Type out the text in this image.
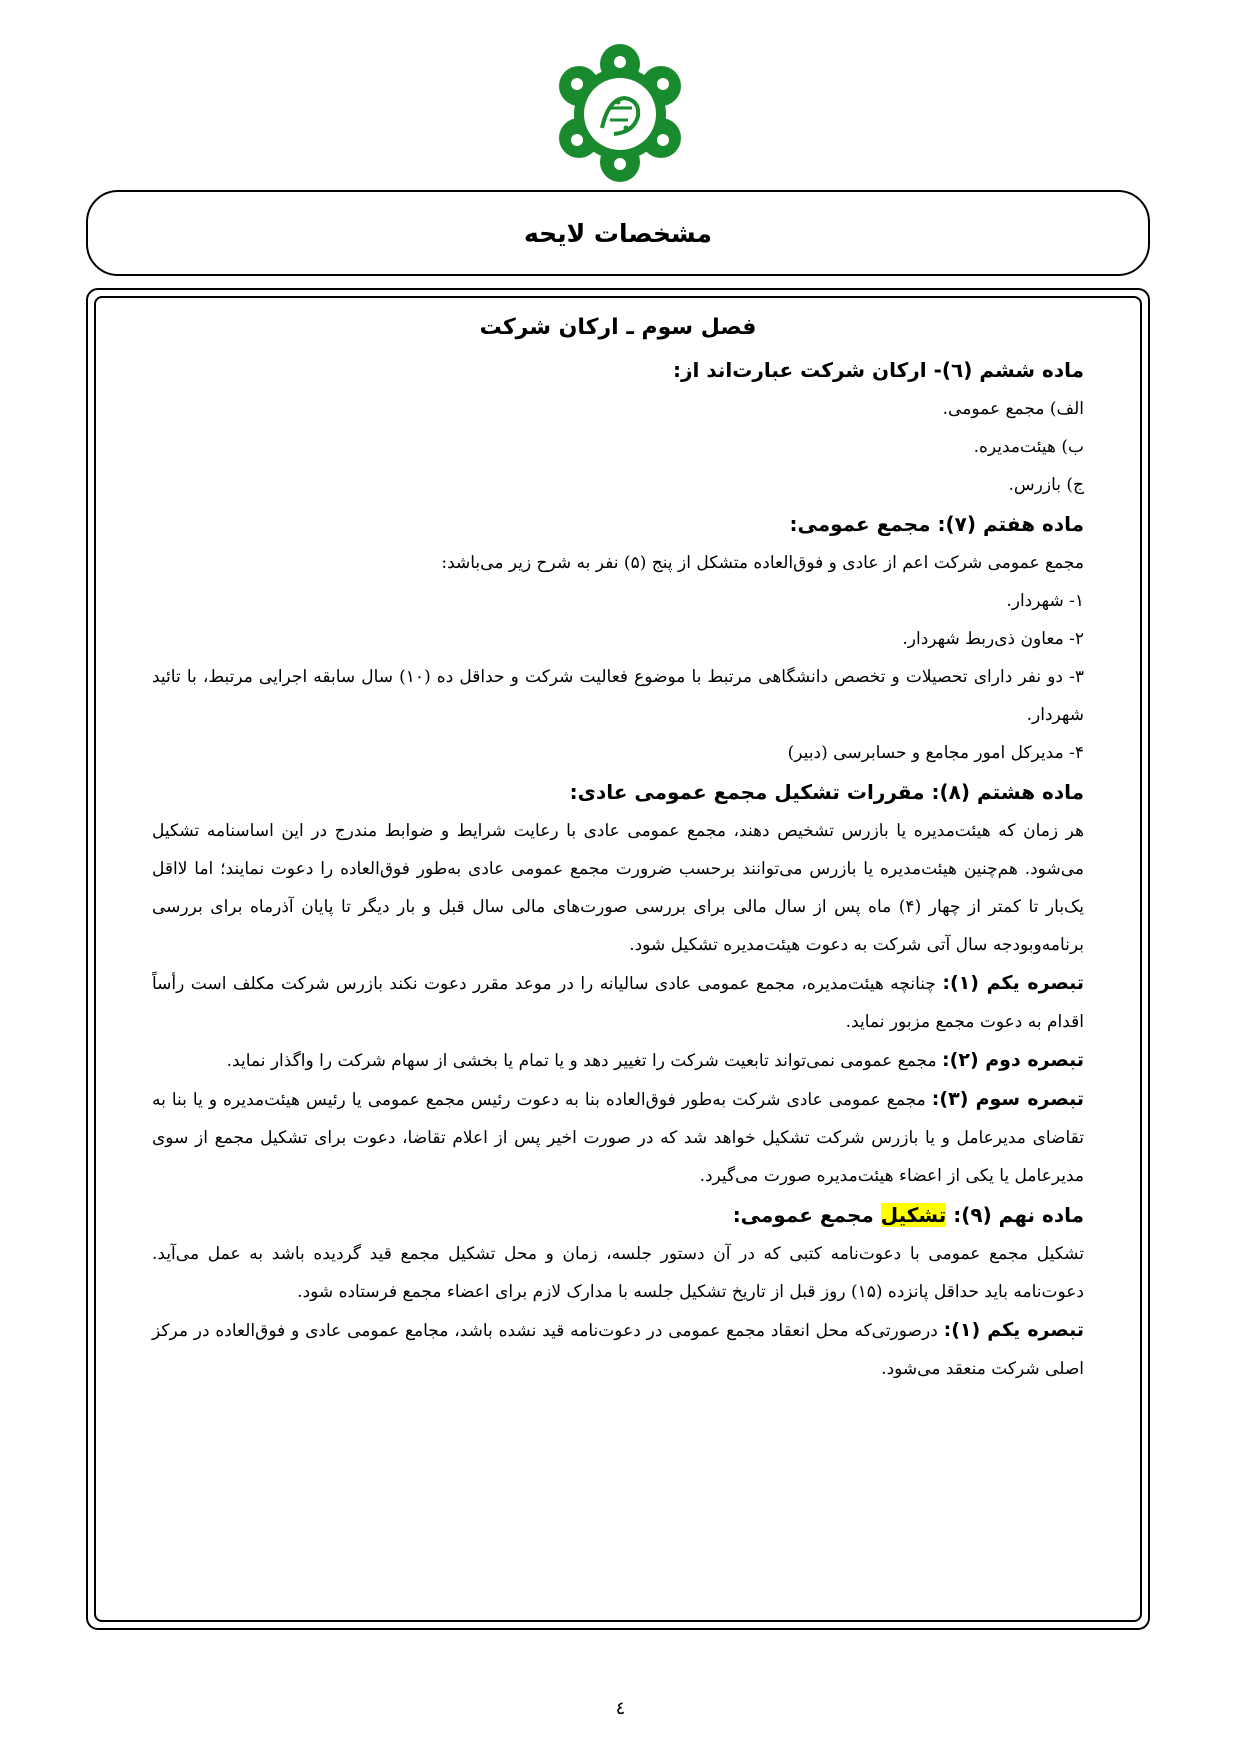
مشخصات لایحه
فصل سوم ـ ارکان شرکت
ماده ششم (٦)- ارکان شرکت عبارت‌اند از:

الف) مجمع عمومی.

ب) هیئت‌مدیره.

ج) بازرس.

ماده هفتم (۷): مجمع عمومی:

مجمع عمومی شرکت اعم از عادی و فوق‌العاده متشکل از پنج (۵) نفر به شرح زیر می‌باشد:

۱- شهردار.

۲- معاون ذی‌ربط شهردار.

۳- دو نفر دارای تحصیلات و تخصص دانشگاهی مرتبط با موضوع فعالیت شرکت و حداقل ده (۱۰) سال سابقه اجرایی مرتبط، با تائید شهردار.

۴- مدیرکل امور مجامع و حسابرسی (دبیر)

ماده هشتم (۸): مقررات تشکیل مجمع عمومی عادی:

هر زمان که هیئت‌مدیره یا بازرس تشخیص دهند، مجمع عمومی عادی با رعایت شرایط و ضوابط مندرج در این اساسنامه تشکیل می‌شود. هم‌چنین هیئت‌مدیره یا بازرس می‌توانند برحسب ضرورت مجمع عمومی عادی به‌طور فوق‌العاده را دعوت نمایند؛ اما لااقل یک‌بار تا کمتر از چهار (۴) ماه پس از سال مالی برای بررسی صورت‌های مالی سال قبل و بار دیگر تا پایان آذرماه برای بررسی برنامه‌وبودجه سال آتی شرکت به دعوت هیئت‌مدیره تشکیل شود.

تبصره یکم (۱): چنانچه هیئت‌مدیره، مجمع عمومی عادی سالیانه را در موعد مقرر دعوت نکند بازرس شرکت مکلف است رأساً اقدام به دعوت مجمع مزبور نماید.

تبصره دوم (۲): مجمع عمومی نمی‌تواند تابعیت شرکت را تغییر دهد و یا تمام یا بخشی از سهام شرکت را واگذار نماید.

تبصره سوم (۳): مجمع عمومی عادی شرکت به‌طور فوق‌العاده بنا به دعوت رئیس مجمع عمومی یا رئیس هیئت‌مدیره و یا بنا به تقاضای مدیرعامل و یا بازرس شرکت تشکیل خواهد شد که در صورت اخیر پس از اعلام تقاضا، دعوت برای تشکیل مجمع از سوی مدیرعامل یا یکی از اعضاء هیئت‌مدیره صورت می‌گیرد.

ماده نهم (۹): تشکیل مجمع عمومی:

تشکیل مجمع عمومی با دعوت‌نامه کتبی که در آن دستور جلسه، زمان و محل تشکیل مجمع قید گردیده باشد به عمل می‌آید. دعوت‌نامه باید حداقل پانزده (۱۵) روز قبل از تاریخ تشکیل جلسه با مدارک لازم برای اعضاء مجمع فرستاده شود.

تبصره یکم (۱): درصورتی‌که محل انعقاد مجمع عمومی در دعوت‌نامه قید نشده باشد، مجامع عمومی عادی و فوق‌العاده در مرکز اصلی شرکت منعقد می‌شود.

٤
